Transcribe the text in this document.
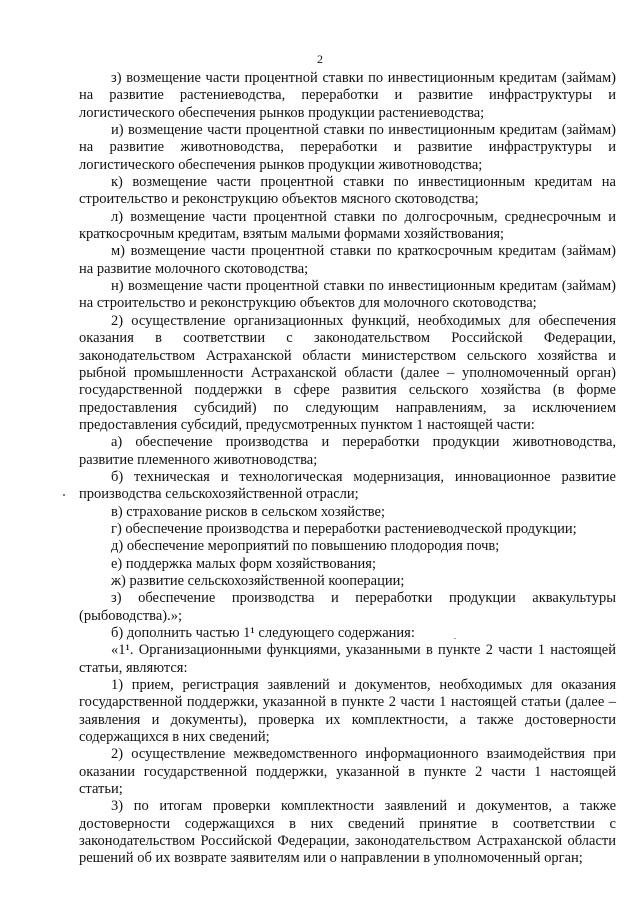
2

з) возмещение части процентной ставки по инвестиционным кредитам (займам) на развитие растениеводства, переработки и развитие инфраструктуры и логистического обеспечения рынков продукции растениеводства;

и) возмещение части процентной ставки по инвестиционным кредитам (займам) на развитие животноводства, переработки и развитие инфраструктуры и логистического обеспечения рынков продукции животноводства;

к) возмещение части процентной ставки по инвестиционным кредитам на строительство и реконструкцию объектов мясного скотоводства;

л) возмещение части процентной ставки по долгосрочным, среднесрочным и краткосрочным кредитам, взятым малыми формами хозяйствования;

м) возмещение части процентной ставки по краткосрочным кредитам (займам) на развитие молочного скотоводства;

н) возмещение части процентной ставки по инвестиционным кредитам (займам) на строительство и реконструкцию объектов для молочного скотоводства;

2) осуществление организационных функций, необходимых для обеспечения оказания в соответствии с законодательством Российской Федерации, законодательством Астраханской области министерством сельского хозяйства и рыбной промышленности Астраханской области (далее – уполномоченный орган) государственной поддержки в сфере развития сельского хозяйства (в форме предоставления субсидий) по следующим направлениям, за исключением предоставления субсидий, предусмотренных пунктом 1 настоящей части:

а) обеспечение производства и переработки продукции животноводства, развитие племенного животноводства;

б) техническая и технологическая модернизация, инновационное развитие производства сельскохозяйственной отрасли;

в) страхование рисков в сельском хозяйстве;

г) обеспечение производства и переработки растениеводческой продукции;

д) обеспечение мероприятий по повышению плодородия почв;

е) поддержка малых форм хозяйствования;

ж) развитие сельскохозяйственной кооперации;

з) обеспечение производства и переработки продукции аквакультуры (рыбоводства).»;

б) дополнить частью 1¹ следующего содержания:

«1¹. Организационными функциями, указанными в пункте 2 части 1 настоящей статьи, являются:

1) прием, регистрация заявлений и документов, необходимых для оказания государственной поддержки, указанной в пункте 2 части 1 настоящей статьи (далее – заявления и документы), проверка их комплектности, а также достоверности содержащихся в них сведений;

2) осуществление межведомственного информационного взаимодействия при оказании государственной поддержки, указанной в пункте 2 части 1 настоящей статьи;

3) по итогам проверки комплектности заявлений и документов, а также достоверности содержащихся в них сведений принятие в соответствии с законодательством Российской Федерации, законодательством Астраханской области решений об их возврате заявителям или о направлении в уполномоченный орган;
